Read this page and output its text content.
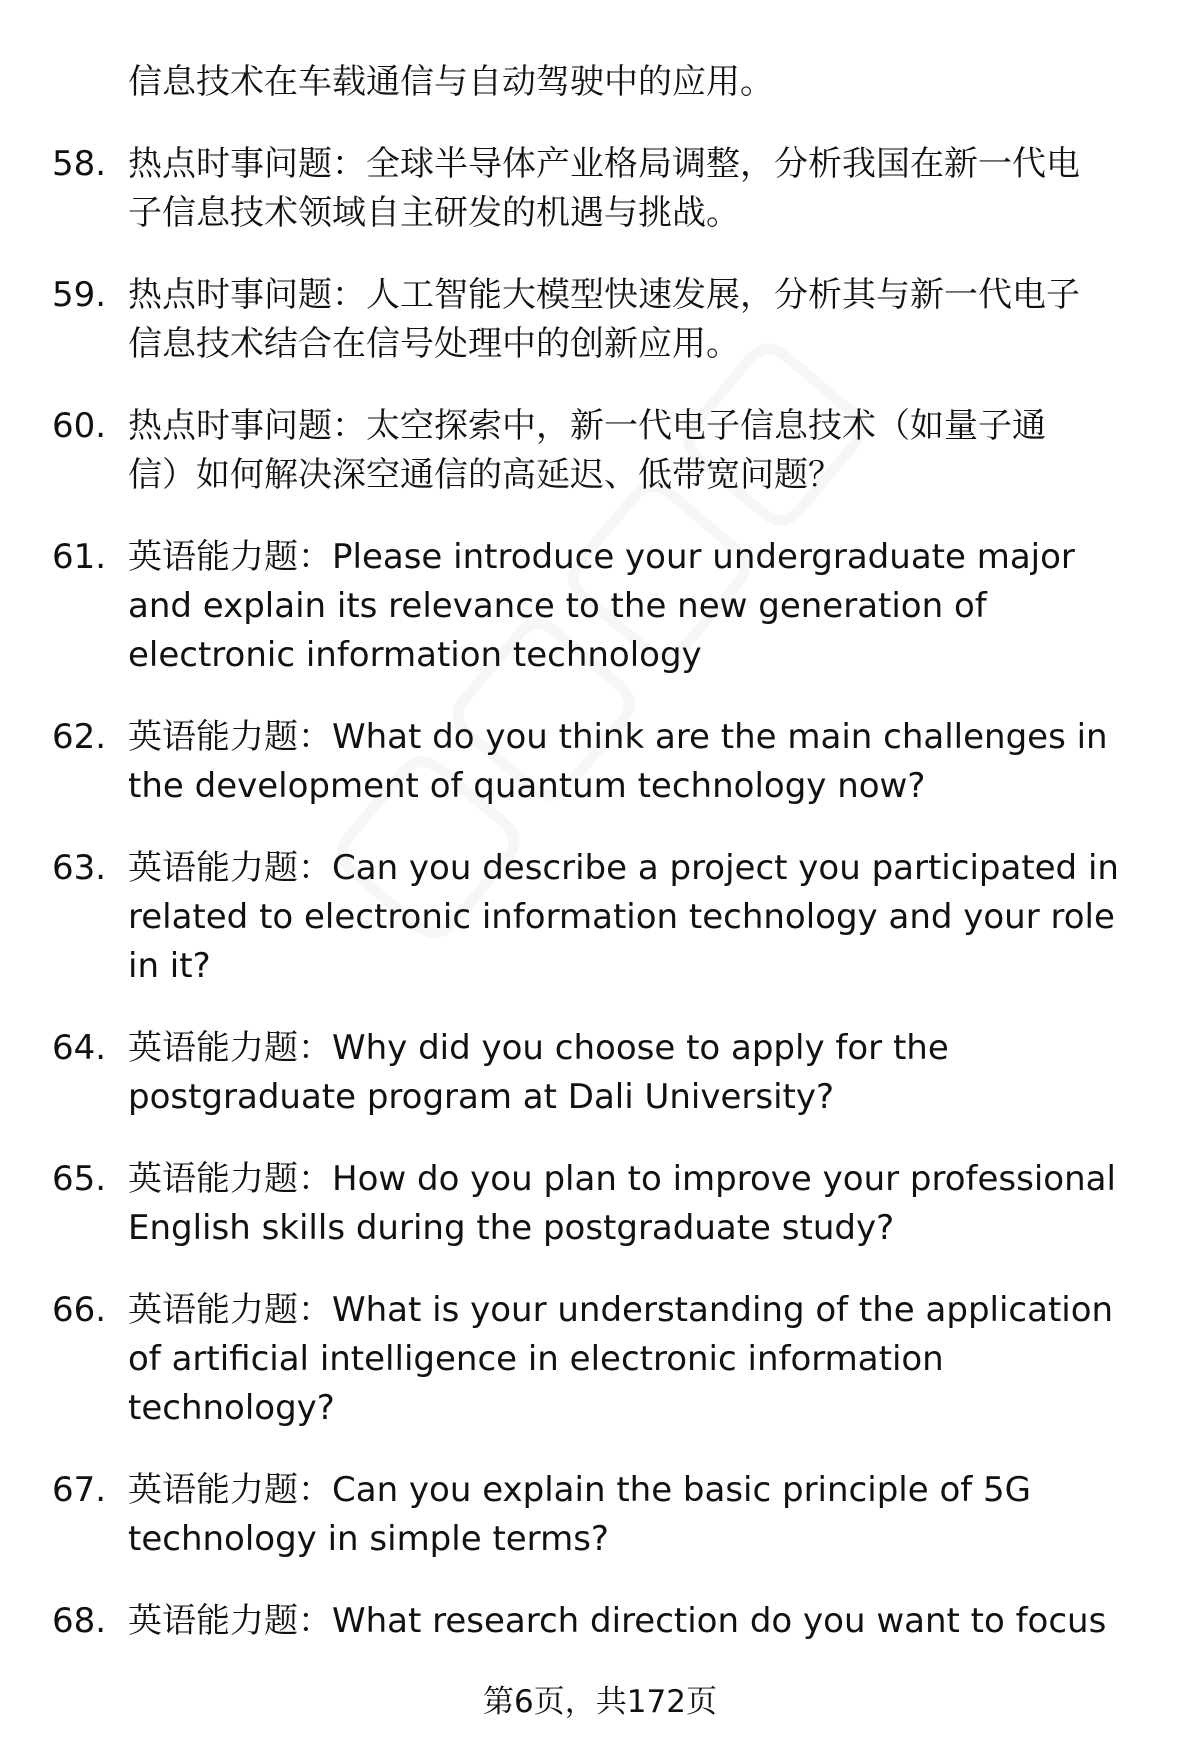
信息技术在车载通信与自动驾驶中的应用。
58. 热点时事问题：全球半导体产业格局调整，分析我国在新一代电
子信息技术领域自主研发的机遇与挑战。
59. 热点时事问题：人工智能大模型快速发展，分析其与新一代电子
信息技术结合在信号处理中的创新应用。
60. 热点时事问题：太空探索中，新一代电子信息技术（如量子通
信）如何解决深空通信的高延迟、低带宽问题？
61. 英语能力题：Please introduce your undergraduate major
and explain its relevance to the new generation of
electronic information technology
62. 英语能力题：What do you think are the main challenges in
the development of quantum technology now?
63. 英语能力题：Can you describe a project you participated in
related to electronic information technology and your role
in it?
64. 英语能力题：Why did you choose to apply for the
postgraduate program at Dali University?
65. 英语能力题：How do you plan to improve your professional
English skills during the postgraduate study?
66. 英语能力题：What is your understanding of the application
of artificial intelligence in electronic information
technology?
67. 英语能力题：Can you explain the basic principle of 5G
technology in simple terms?
68. 英语能力题：What research direction do you want to focus
第6页，共172页
